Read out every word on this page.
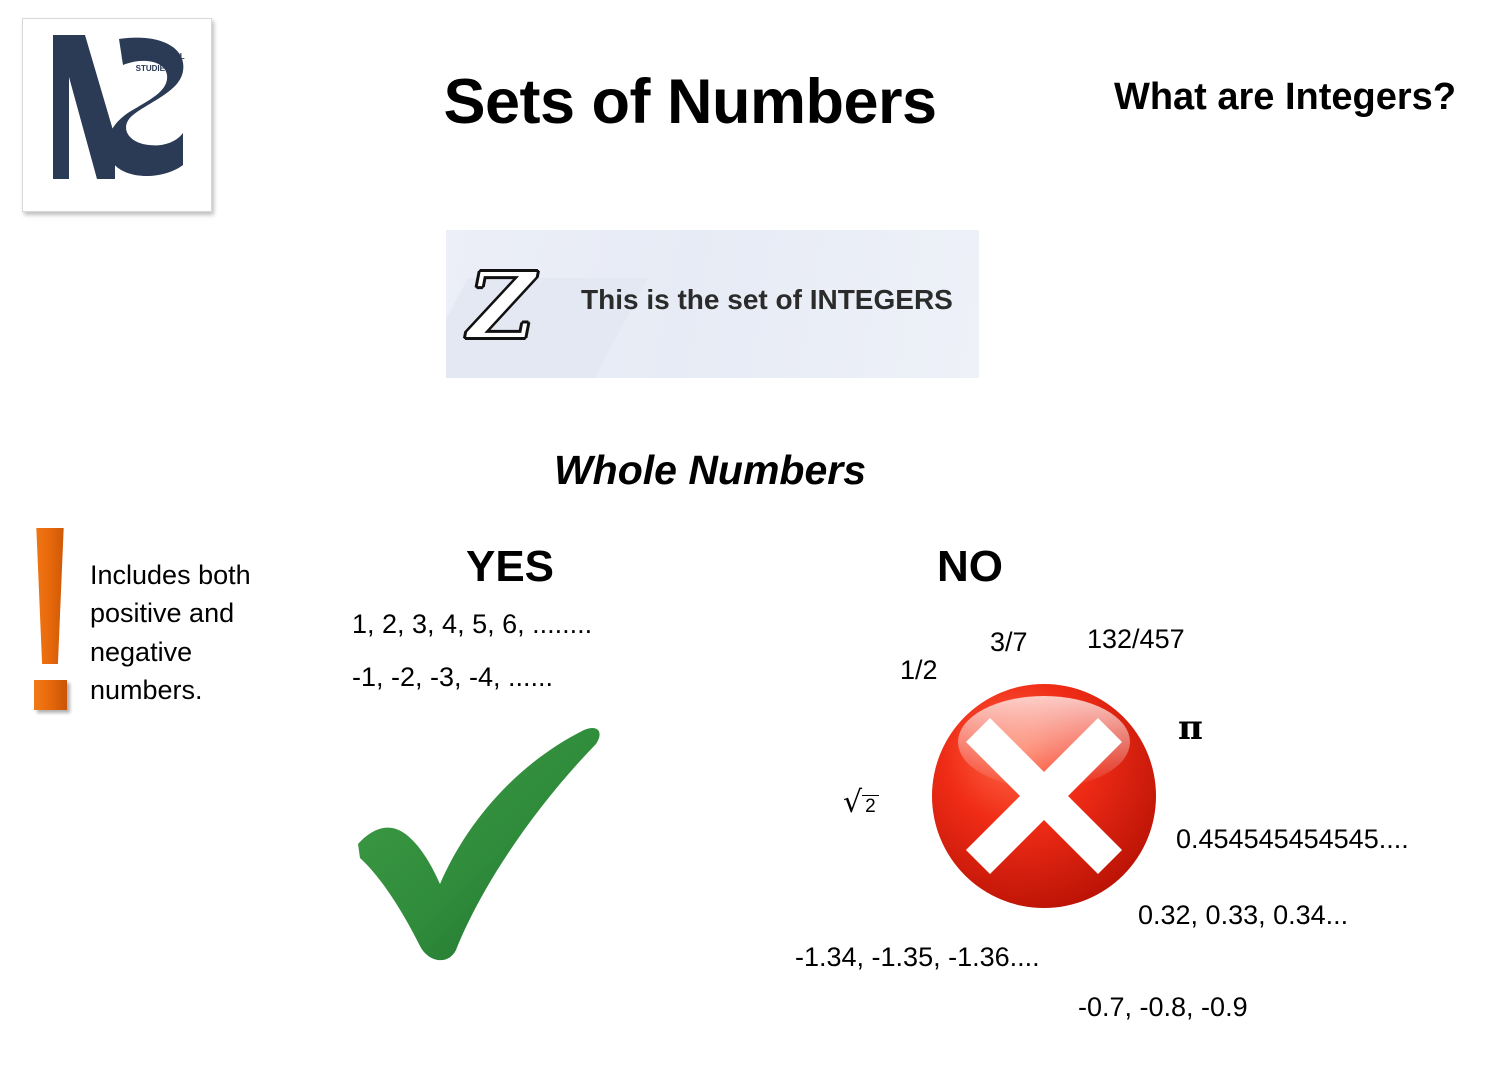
MATHEMATICAL
STUDIES	Sets of Numbers	What are Integers?
Z This is the set of INTEGERS
Whole Numbers
Includes both positive and negative numbers.
YES
1, 2, 3, 4, 5, 6, ........
-1, -2, -3, -4, ......
NO
1/2
3/7 132/457
π
√ 2
0.454545454545....
0.32, 0.33, 0.34...
-1.34, -1.35, -1.36....
-0.7, -0.8, -0.9
